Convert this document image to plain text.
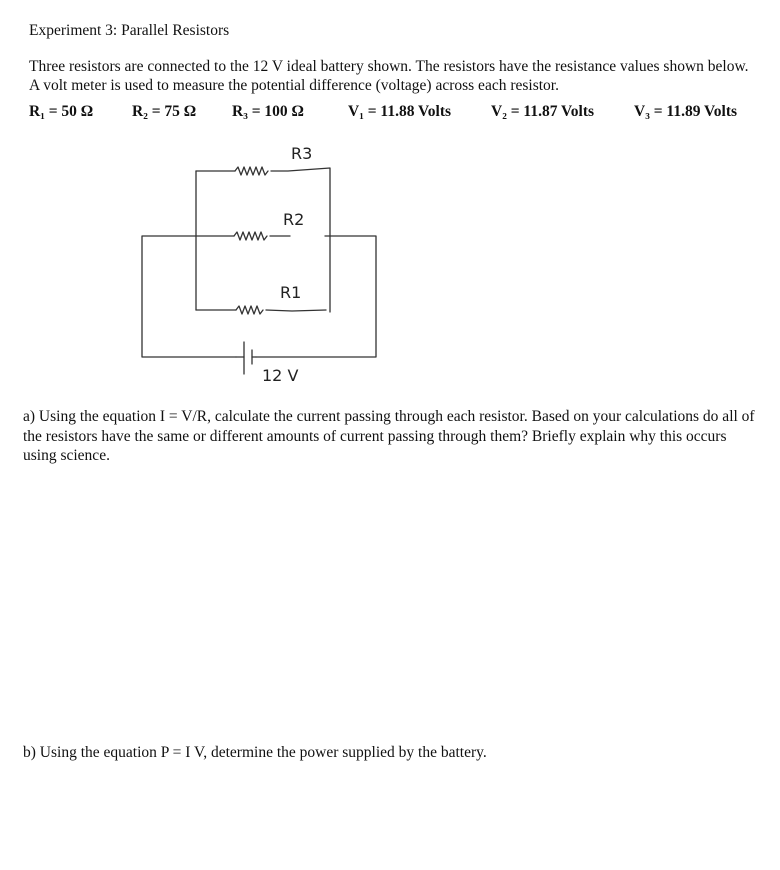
Experiment 3: Parallel Resistors
Three resistors are connected to the 12 V ideal battery shown. The resistors have the resistance values shown below. A volt meter is used to measure the potential difference (voltage) across each resistor.
R₁ = 50 Ω	R₂ = 75 Ω R₃ = 100 Ω	V₁ = 11.88 Volts	V₂ = 11.87 Volts	V₃ = 11.89 Volts
R3
R2
R1
12 V
a) Using the equation I = V/R, calculate the current passing through each resistor. Based on your calculations do all of the resistors have the same or different amounts of current passing through them? Briefly explain why this occurs using science.
b) Using the equation P = I V, determine the power supplied by the battery.
